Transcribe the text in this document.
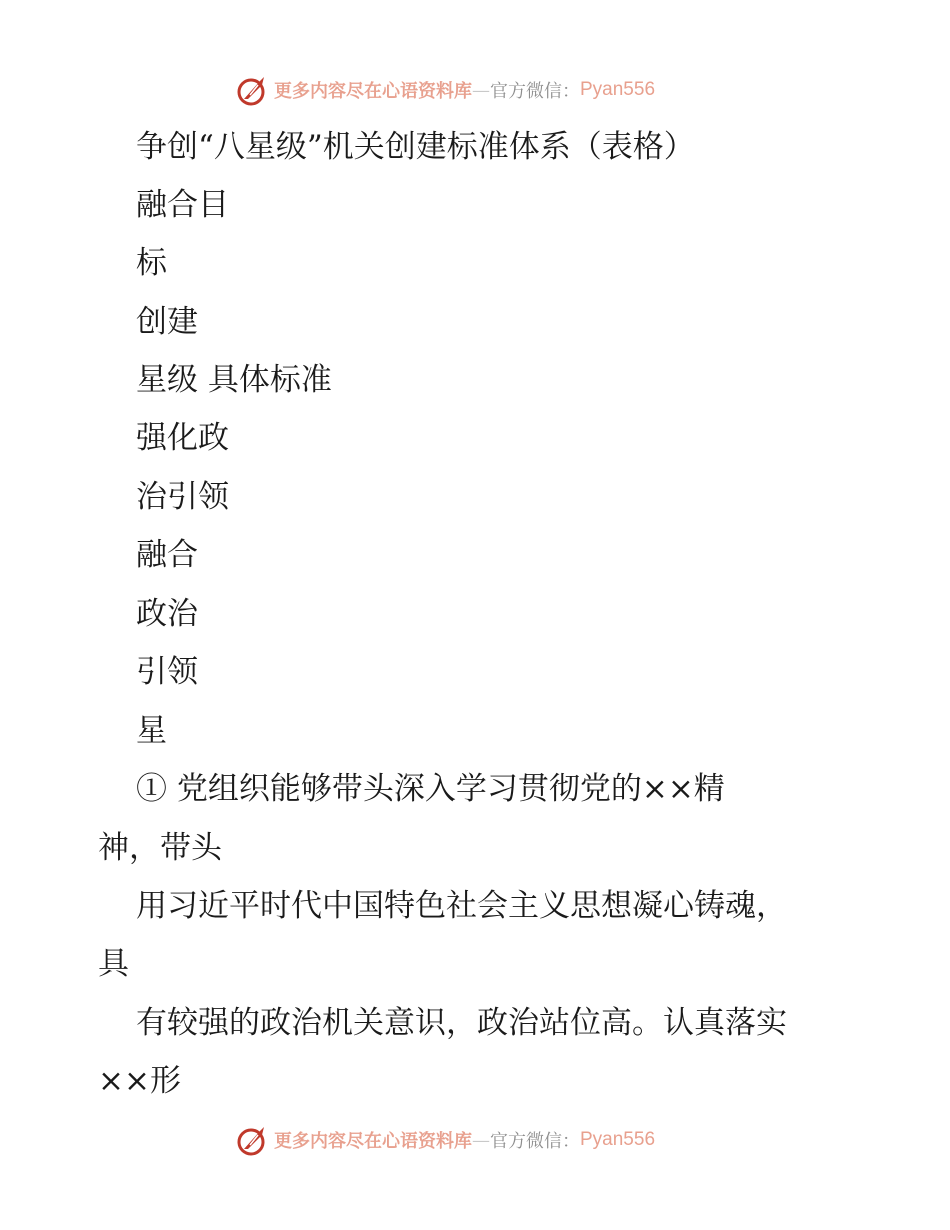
更多内容尽在心语资料库 — 官方微信： Pyan556
争创“八星级”机关创建标准体系（表格）
融合目
标
创建
星级 具体标准
强化政
治引领
融合
政治
引领
星
① 党组织能够带头深入学习贯彻党的××精
神，带头
用习近平时代中国特色社会主义思想凝心铸魂，
具
有较强的政治机关意识，政治站位高。认真落实
××形
更多内容尽在心语资料库 — 官方微信： Pyan556
